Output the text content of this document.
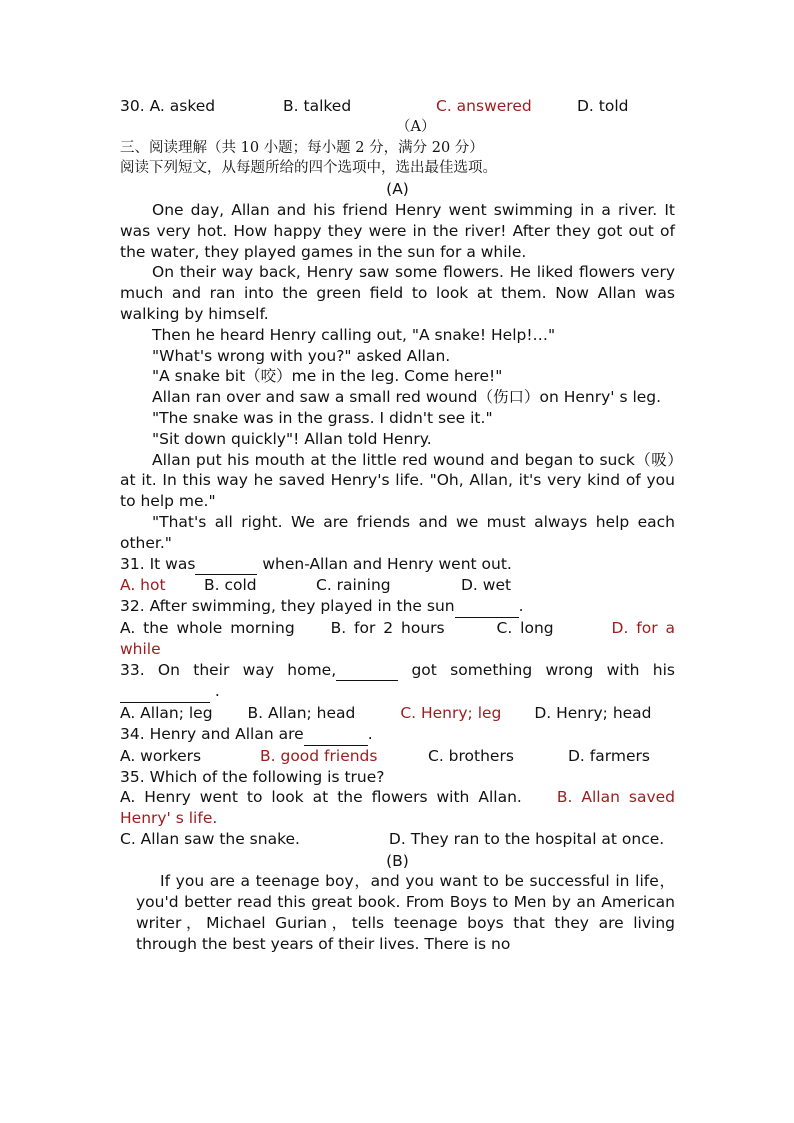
30. A. asked	B. talked	C. answered	D. told
（A）
三、阅读理解（共 10 小题；每小题 2 分，满分 20 分）
阅读下列短文，从每题所给的四个选项中，选出最佳选项。
(A)
One day, Allan and his friend Henry went swimming in a river. It was very hot. How happy they were in the river! After they got out of the water, they played games in the sun for a while.
On their way back, Henry saw some flowers. He liked flowers very much and ran into the green field to look at them. Now Allan was walking by himself.
Then he heard Henry calling out, "A snake! Help!…"
"What's wrong with you?" asked Allan.
"A snake bit（咬）me in the leg. Come here!"
Allan ran over and saw a small red wound（伤口）on Henry' s leg.
"The snake was in the grass. I didn't see it."
"Sit down quickly"! Allan told Henry.
Allan put his mouth at the little red wound and began to suck（吸）at it. In this way he saved Henry's life. "Oh, Allan, it's very kind of you to help me."
"That's all right. We are friends and we must always help each other."
31. It was	when-Allan and Henry went out.
A. hot	B. cold	C. raining	D. wet
32. After swimming, they played in the sun	.
A. the whole morning B. for 2 hours	C. long	D. for a while
33. On their way home,	got something wrong with his   .
A. Allan; leg B. Allan; head	C. Henry; leg D. Henry; head
34. Henry and Allan are	.
A. workers	B. good friends	C. brothers	D. farmers
35. Which of the following is true?
A. Henry went to look at the flowers with Allan. B. Allan saved Henry' s life.
C. Allan saw the snake.	D. They ran to the hospital at once.
(B)
If you are a teenage boy，and you want to be successful in life，you'd better read this great book. From Boys to Men by an American writer，Michael Gurian，tells teenage boys that they are living through the best years of their lives. There is no
